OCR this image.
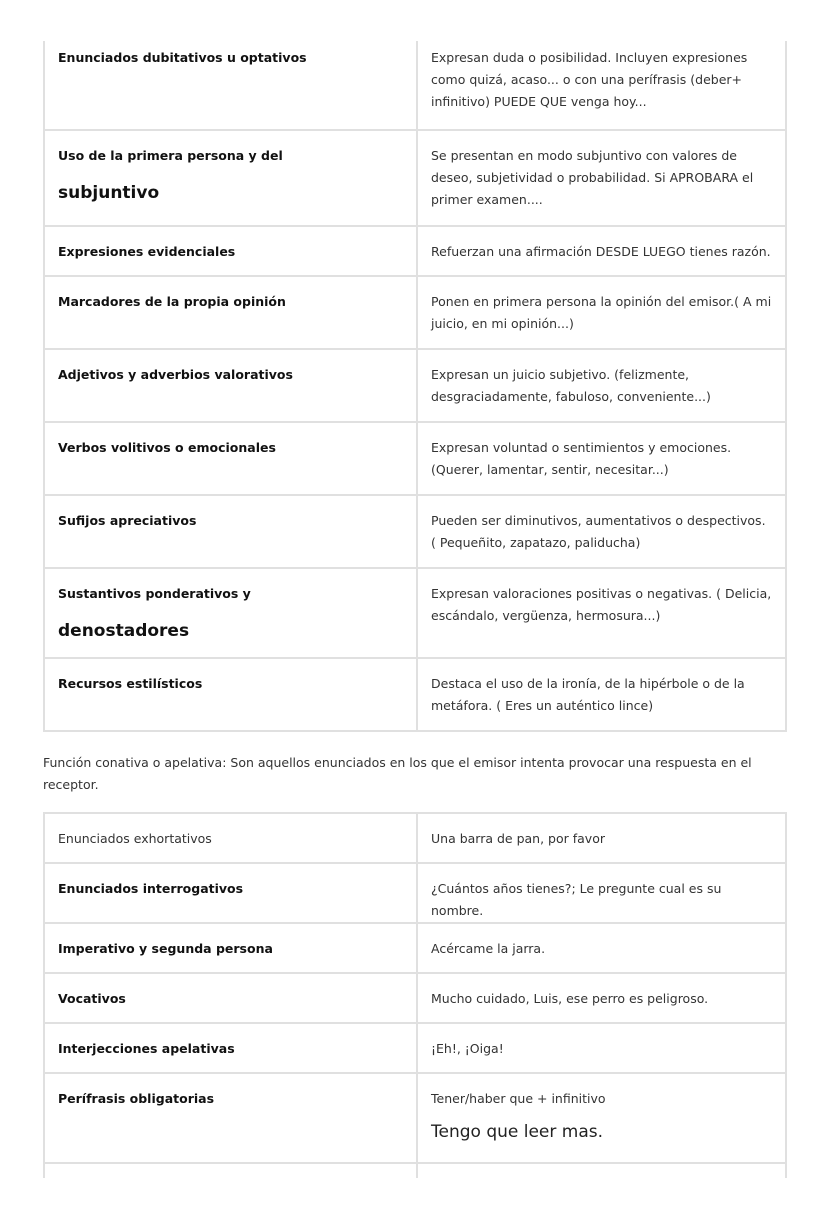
Enunciados dubitativos u optativos	Expresan duda o posibilidad. Incluyen expresiones como quizá, acaso... o con una perífrasis (deber+ infinitivo) PUEDE QUE venga hoy...
Uso de la primera persona y del
subjuntivo	Se presentan en modo subjuntivo con valores de deseo, subjetividad o probabilidad. Si APROBARA el primer examen....
Expresiones evidenciales	Refuerzan una afirmación DESDE LUEGO tienes razón.
Marcadores de la propia opinión	Ponen en primera persona la opinión del emisor.( A mi juicio, en mi opinión...)
Adjetivos y adverbios valorativos	Expresan un juicio subjetivo. (felizmente, desgraciadamente, fabuloso, conveniente...)
Verbos volitivos o emocionales	Expresan voluntad o sentimientos y emociones. (Querer, lamentar, sentir, necesitar...)
Sufijos apreciativos	Pueden ser diminutivos, aumentativos o despectivos. ( Pequeñito, zapatazo, paliducha)
Sustantivos ponderativos y
denostadores	Expresan valoraciones positivas o negativas. ( Delicia, escándalo, vergüenza, hermosura...)
Recursos estilísticos	Destaca el uso de la ironía, de la hipérbole o de la metáfora. ( Eres un auténtico lince)
Función conativa o apelativa: Son aquellos enunciados en los que el emisor intenta provocar una respuesta en el receptor.
Enunciados exhortativos	Una barra de pan, por favor
Enunciados interrogativos	¿Cuántos años tienes?; Le pregunte cual es su nombre.
Imperativo y segunda persona	Acércame la jarra.
Vocativos	Mucho cuidado, Luis, ese perro es peligroso.
Interjecciones apelativas	¡Eh!, ¡Oiga!
Perífrasis obligatorias	Tener/haber que + infinitivo
Tengo que leer mas.
